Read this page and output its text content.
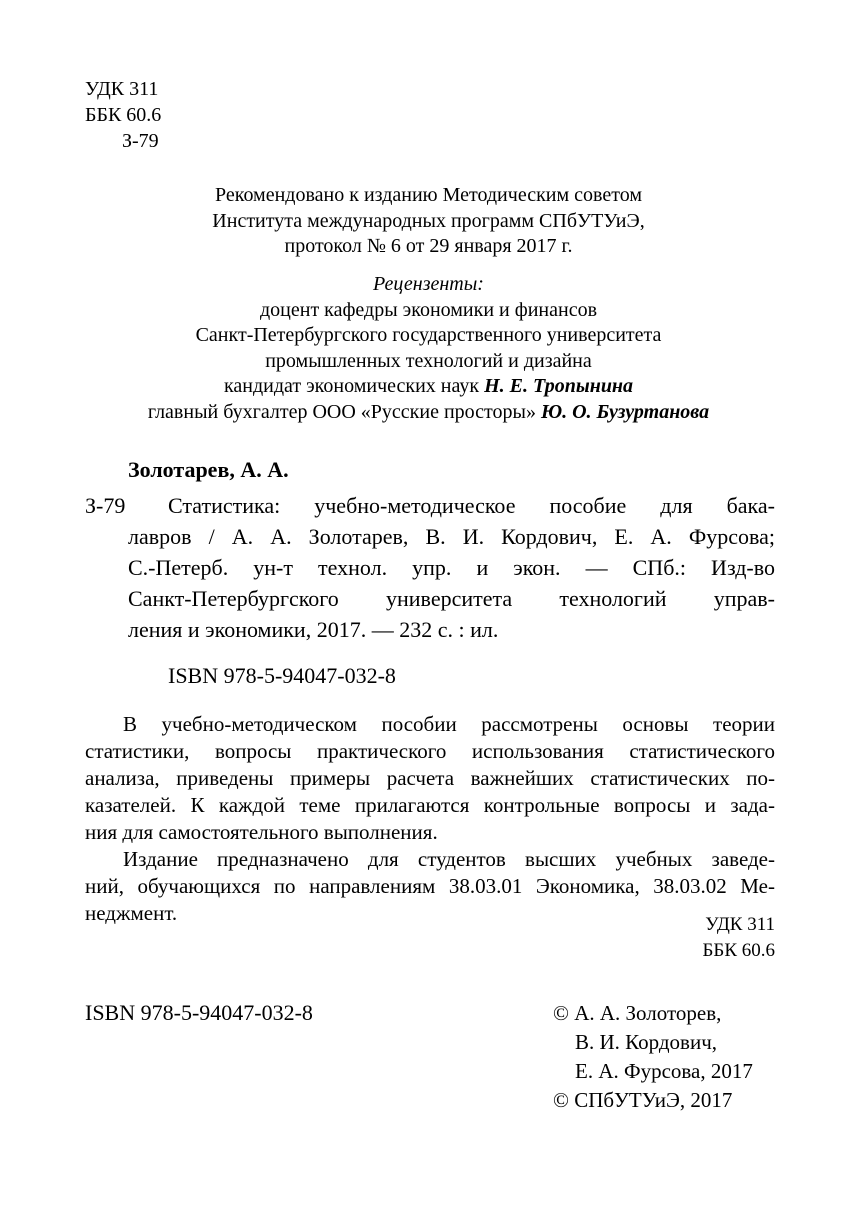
УДК 311
ББК 60.6
З-79
Рекомендовано к изданию Методическим советом
Института международных программ СПбУТУиЭ,
протокол № 6 от 29 января 2017 г.
Рецензенты:
доцент кафедры экономики и финансов
Санкт-Петербургского государственного университета
промышленных технологий и дизайна
кандидат экономических наук Н. Е. Тропынина
главный бухгалтер ООО «Русские просторы» Ю. О. Бузуртанова
Золотарев, А. А.
З-79	Статистика: учебно-методическое пособие для бака-
лавров / А. А. Золотарев, В. И. Кордович, Е. А. Фурсова;
С.-Петерб. ун-т технол. упр. и экон. — СПб.: Изд-во
Санкт-Петербургского университета технологий управ-
ления и экономики, 2017. — 232 с. : ил.
ISBN 978-5-94047-032-8
В учебно-методическом пособии рассмотрены основы теории
статистики, вопросы практического использования статистического
анализа, приведены примеры расчета важнейших статистических по-
казателей. К каждой теме прилагаются контрольные вопросы и зада-
ния для самостоятельного выполнения.
Издание предназначено для студентов высших учебных заведе-
ний, обучающихся по направлениям 38.03.01 Экономика, 38.03.02 Ме-
неджмент.	УДК 311
ББК 60.6
ISBN 978-5-94047-032-8	© А. А. Золоторев,
В. И. Кордович,
Е. А. Фурсова, 2017
© СПбУТУиЭ, 2017
